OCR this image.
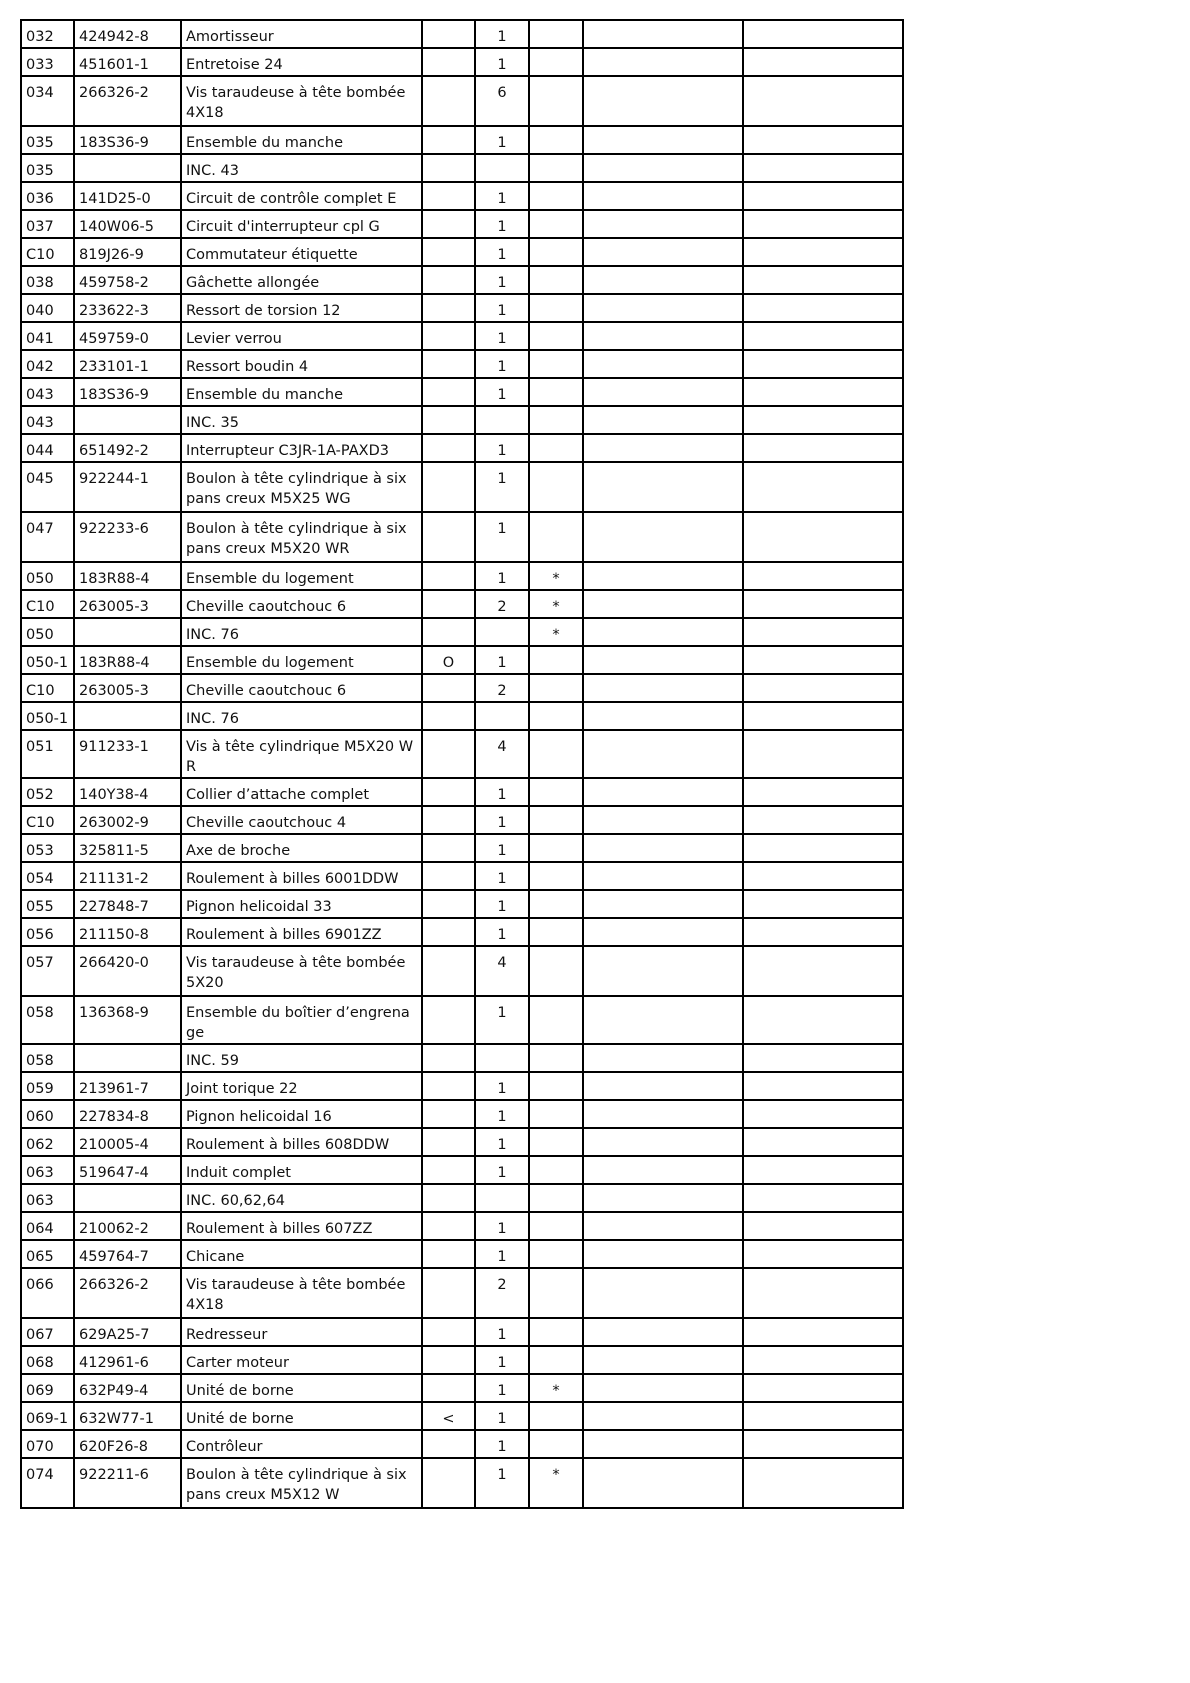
032	424942-8	Amortisseur		1			
033	451601-1	Entretoise 24		1			
034	266326-2	Vis taraudeuse à tête bombée 4X18		6			
035	183S36-9	Ensemble du manche		1			
035		INC. 43					
036	141D25-0	Circuit de contrôle complet E		1			
037	140W06-5	Circuit d'interrupteur cpl G		1			
C10	819J26-9	Commutateur étiquette		1			
038	459758-2	Gâchette allongée		1			
040	233622-3	Ressort de torsion 12		1			
041	459759-0	Levier verrou		1			
042	233101-1	Ressort boudin 4		1			
043	183S36-9	Ensemble du manche		1			
043		INC. 35					
044	651492-2	Interrupteur C3JR-1A-PAXD3		1			
045	922244-1	Boulon à tête cylindrique à six pans creux M5X25 WG		1			
047	922233-6	Boulon à tête cylindrique à six pans creux M5X20 WR		1			
050	183R88-4	Ensemble du logement		1	*		
C10	263005-3	Cheville caoutchouc 6		2	*		
050		INC. 76			*		
050-1	183R88-4	Ensemble du logement	O	1			
C10	263005-3	Cheville caoutchouc 6		2			
050-1		INC. 76					
051	911233-1	Vis à tête cylindrique M5X20 WR		4			
052	140Y38-4	Collier d’attache complet		1			
C10	263002-9	Cheville caoutchouc 4		1			
053	325811-5	Axe de broche		1			
054	211131-2	Roulement à billes 6001DDW		1			
055	227848-7	Pignon helicoidal 33		1			
056	211150-8	Roulement à billes 6901ZZ		1			
057	266420-0	Vis taraudeuse à tête bombée 5X20		4			
058	136368-9	Ensemble du boîtier d’engrenage		1			
058		INC. 59					
059	213961-7	Joint torique 22		1			
060	227834-8	Pignon helicoidal 16		1			
062	210005-4	Roulement à billes 608DDW		1			
063	519647-4	Induit complet		1			
063		INC. 60,62,64					
064	210062-2	Roulement à billes 607ZZ		1			
065	459764-7	Chicane		1			
066	266326-2	Vis taraudeuse à tête bombée 4X18		2			
067	629A25-7	Redresseur		1			
068	412961-6	Carter moteur		1			
069	632P49-4	Unité de borne		1	*		
069-1	632W77-1	Unité de borne	<	1			
070	620F26-8	Contrôleur		1			
074	922211-6	Boulon à tête cylindrique à six pans creux M5X12 W		1	*		
